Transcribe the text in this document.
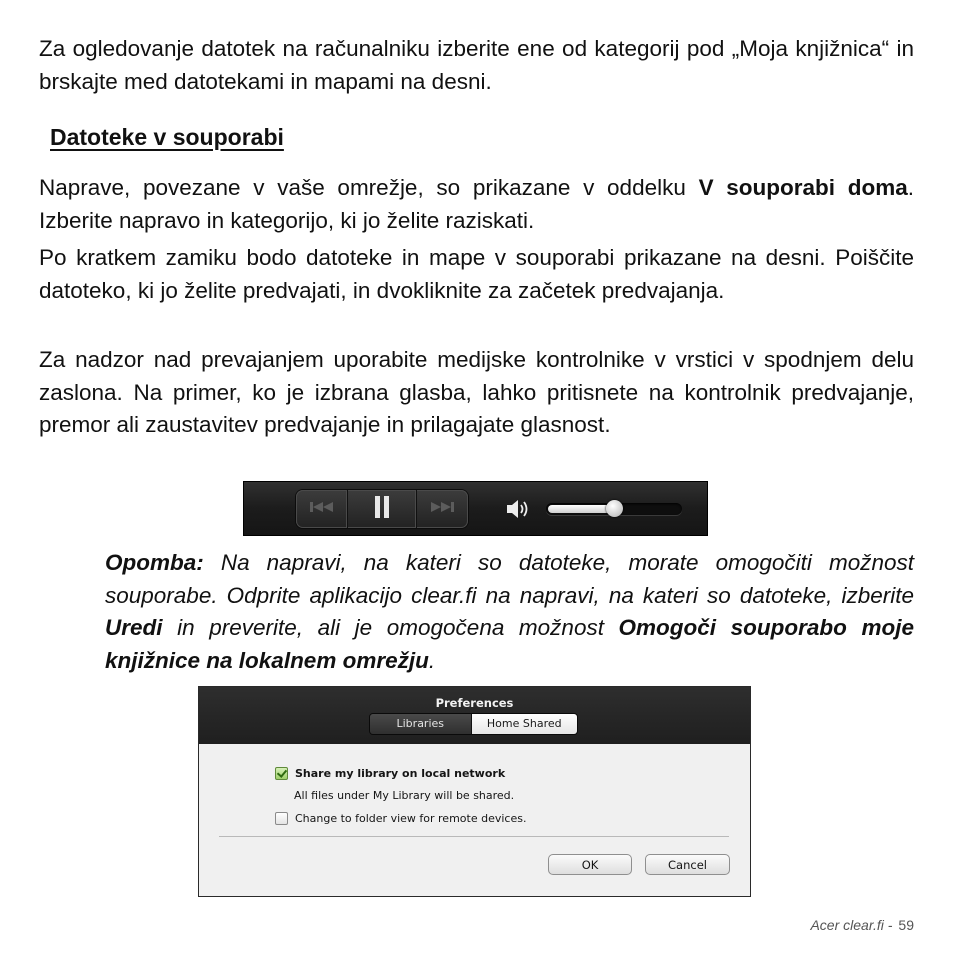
Za ogledovanje datotek na računalniku izberite ene od kategorij pod „Moja knjižnica“ in brskajte med datotekami in mapami na desni.

Datoteke v souporabi

Naprave, povezane v vaše omrežje, so prikazane v oddelku V souporabi doma. Izberite napravo in kategorijo, ki jo želite raziskati.

Po kratkem zamiku bodo datoteke in mape v souporabi prikazane na desni. Poiščite datoteko, ki jo želite predvajati, in dvokliknite za začetek predvajanja.

Za nadzor nad prevajanjem uporabite medijske kontrolnike v vrstici v spodnjem delu zaslona. Na primer, ko je izbrana glasba, lahko pritisnete na kontrolnik predvajanje, premor ali zaustavitev predvajanje in prilagajate glasnost.

Opomba: Na napravi, na kateri so datoteke, morate omogočiti možnost souporabe. Odprite aplikacijo clear.fi na napravi, na kateri so datoteke, izberite Uredi in preverite, ali je omogočena možnost Omogoči souporabo moje knjižnice na lokalnem omrežju.

Preferences
Libraries	Home Shared
Share my library on local network
All files under My Library will be shared.
Change to folder view for remote devices.
OK	Cancel
Acer clear.fi - 59
